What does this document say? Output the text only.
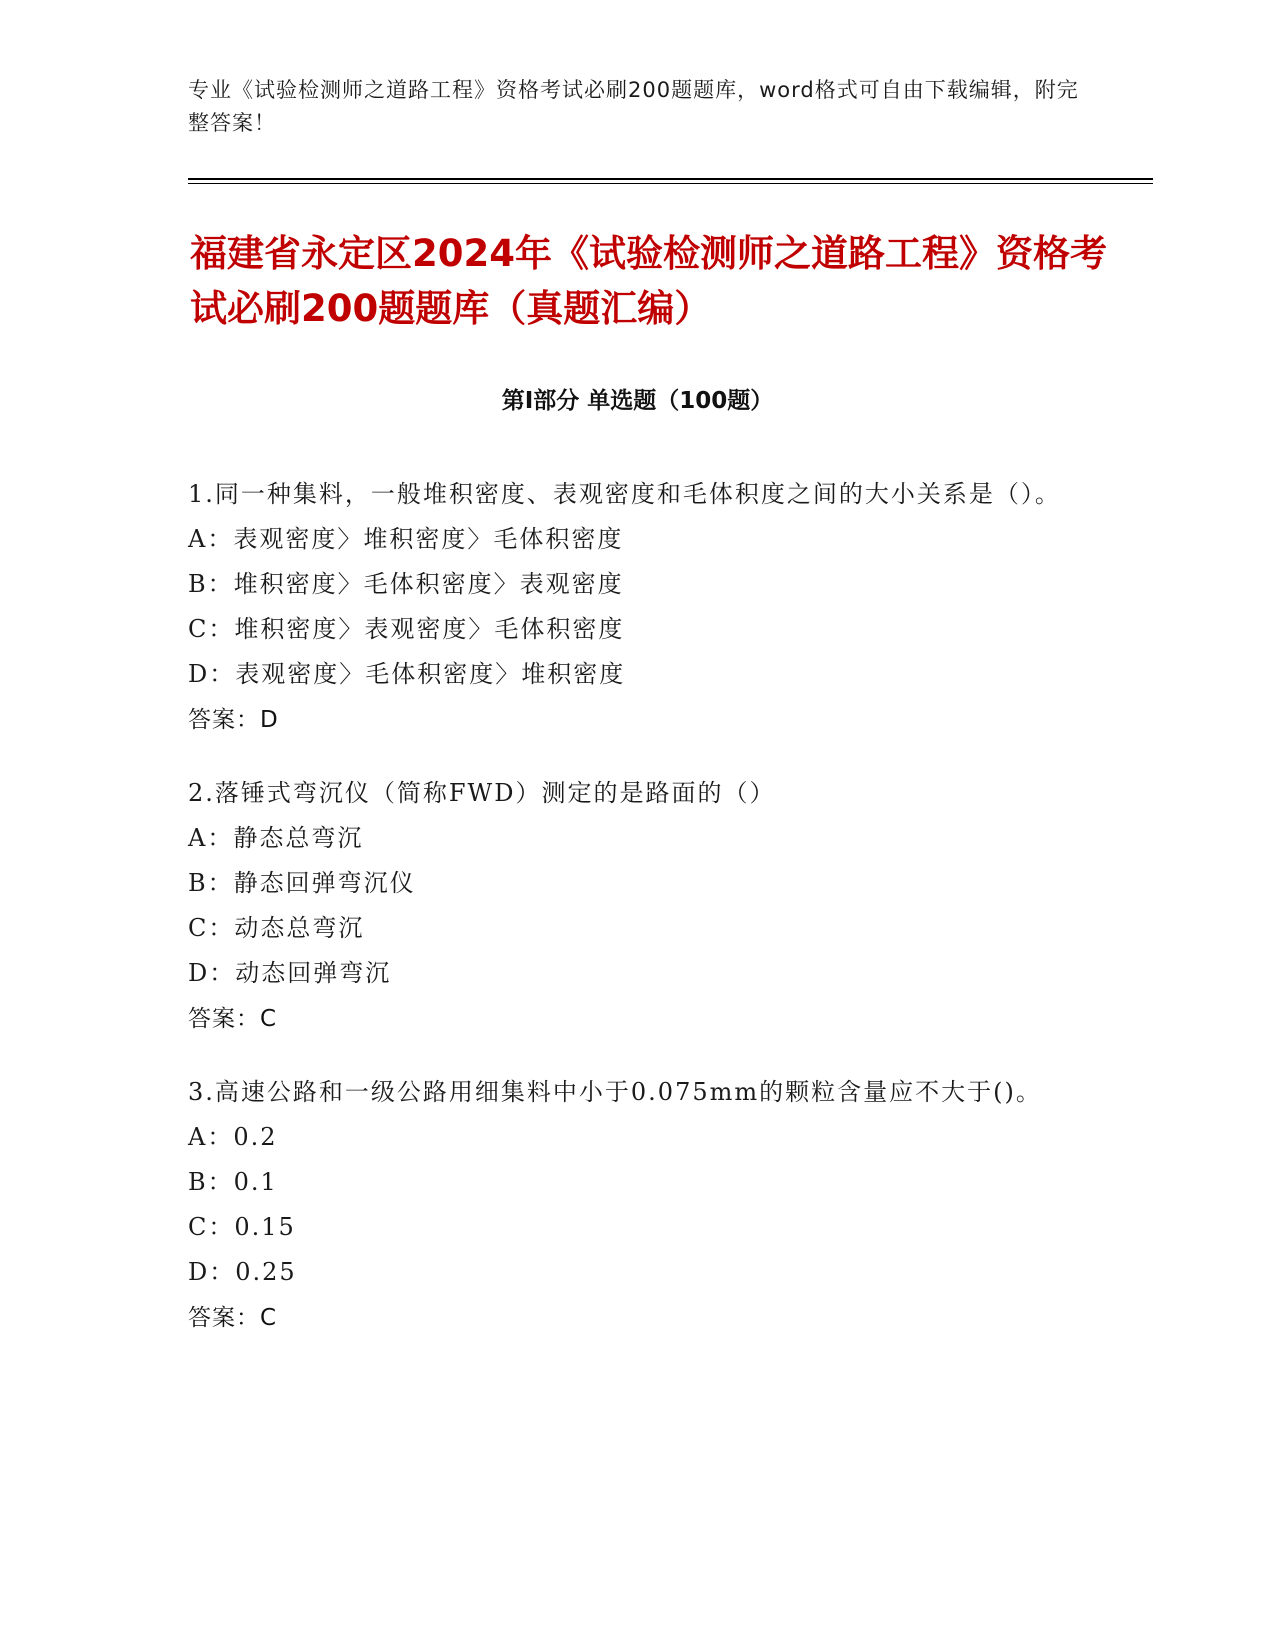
专业《试验检测师之道路工程》资格考试必刷200题题库，word格式可自由下载编辑，附完整答案！
福建省永定区2024年《试验检测师之道路工程》资格考试必刷200题题库（真题汇编）
第I部分 单选题（100题）
1.同一种集料，一般堆积密度、表观密度和毛体积度之间的大小关系是（）。
A：表观密度〉堆积密度〉毛体积密度
B：堆积密度〉毛体积密度〉表观密度
C：堆积密度〉表观密度〉毛体积密度
D：表观密度〉毛体积密度〉堆积密度
答案：D
2.落锤式弯沉仪（简称FWD）测定的是路面的（）
A：静态总弯沉
B：静态回弹弯沉仪
C：动态总弯沉
D：动态回弹弯沉
答案：C
3.高速公路和一级公路用细集料中小于0.075mm的颗粒含量应不大于()。
A：0.2
B：0.1
C：0.15
D：0.25
答案：C
